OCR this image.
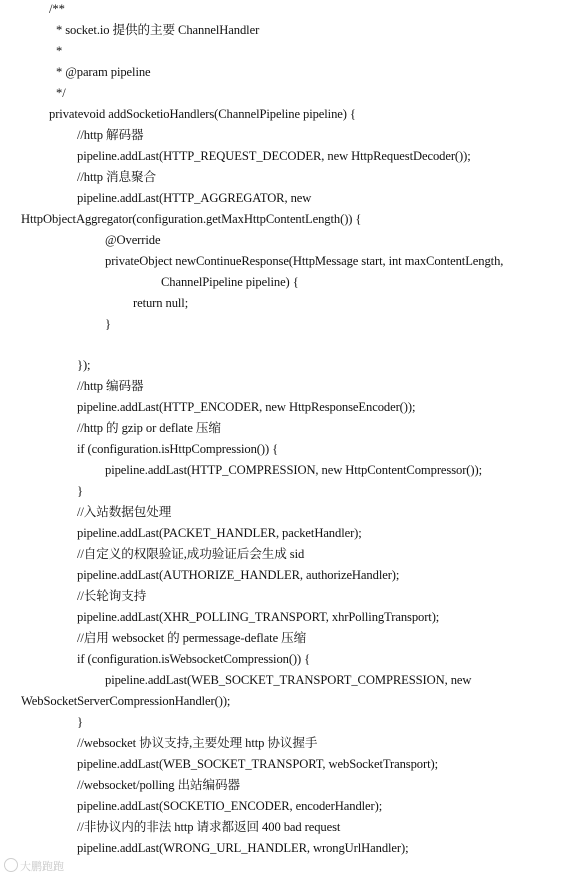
大鹏跑跑
/**
* socket.io 提供的主要 ChannelHandler
*
* @param pipeline
*/
privatevoid addSocketioHandlers(ChannelPipeline pipeline) {
//http 解码器
pipeline.addLast(HTTP_REQUEST_DECODER, new HttpRequestDecoder());
//http 消息聚合
pipeline.addLast(HTTP_AGGREGATOR, new
HttpObjectAggregator(configuration.getMaxHttpContentLength()) {
@Override
privateObject newContinueResponse(HttpMessage start, int maxContentLength,
ChannelPipeline pipeline) {
return null;
}
});
//http 编码器
pipeline.addLast(HTTP_ENCODER, new HttpResponseEncoder());
//http 的 gzip or deflate 压缩
if (configuration.isHttpCompression()) {
pipeline.addLast(HTTP_COMPRESSION, new HttpContentCompressor());
}
//入站数据包处理
pipeline.addLast(PACKET_HANDLER, packetHandler);
//自定义的权限验证,成功验证后会生成 sid
pipeline.addLast(AUTHORIZE_HANDLER, authorizeHandler);
//长轮询支持
pipeline.addLast(XHR_POLLING_TRANSPORT, xhrPollingTransport);
//启用 websocket 的 permessage-deflate 压缩
if (configuration.isWebsocketCompression()) {
pipeline.addLast(WEB_SOCKET_TRANSPORT_COMPRESSION, new
WebSocketServerCompressionHandler());
}
//websocket 协议支持,主要处理 http 协议握手
pipeline.addLast(WEB_SOCKET_TRANSPORT, webSocketTransport);
//websocket/polling 出站编码器
pipeline.addLast(SOCKETIO_ENCODER, encoderHandler);
//非协议内的非法 http 请求都返回 400 bad request
pipeline.addLast(WRONG_URL_HANDLER, wrongUrlHandler);
